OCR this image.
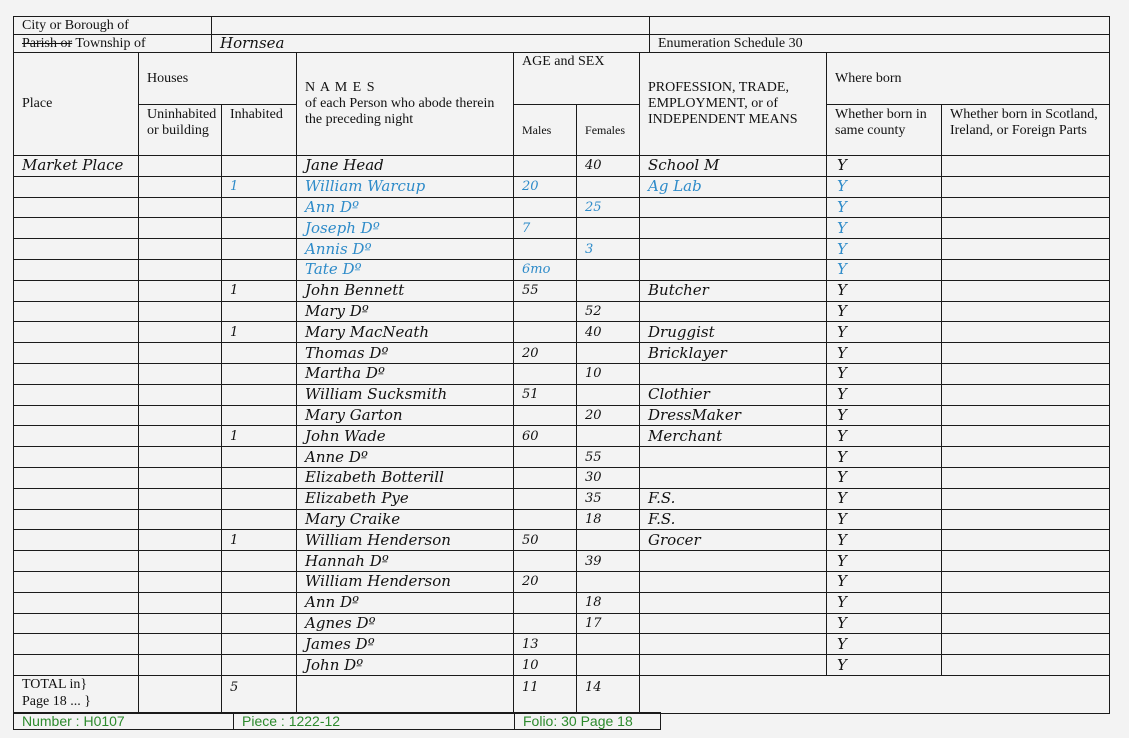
City or Borough of		
Parish or Township of	Hornsea	Enumeration Schedule 30
Place	Houses		N A M E S
of each Person who abode therein the preceding night	AGE and SEX		PROFESSION, TRADE, EMPLOYMENT, or of INDEPENDENT MEANS	Where born	
	Uninhabited or building	Inhabited		Males	Females		Whether born in same county	Whether born in Scotland, Ireland, or Foreign Parts
Market Place			Jane Head		40	School M	Y	
		1	William Warcup	20		Ag Lab	Y	
			Ann Dº		25		Y	
			Joseph Dº	7			Y	
			Annis Dº		3		Y	
			Tate Dº	6mo			Y	
		1	John Bennett	55		Butcher	Y	
			Mary Dº		52		Y	
		1	Mary MacNeath		40	Druggist	Y	
			Thomas Dº	20		Bricklayer	Y	
			Martha Dº		10		Y	
			William Sucksmith	51		Clothier	Y	
			Mary Garton		20	DressMaker	Y	
		1	John Wade	60		Merchant	Y	
			Anne Dº		55		Y	
			Elizabeth Botterill		30		Y	
			Elizabeth Pye		35	F.S.	Y	
			Mary Craike		18	F.S.	Y	
		1	William Henderson	50		Grocer	Y	
			Hannah Dº		39		Y	
			William Henderson	20			Y	
			Ann Dº		18		Y	
			Agnes Dº		17		Y	
			James Dº	13			Y	
			John Dº	10			Y	

TOTAL in}
Page 18 ... }		5		11	14			
Number : H0107	Piece : 1222-12	Folio: 30 Page 18
